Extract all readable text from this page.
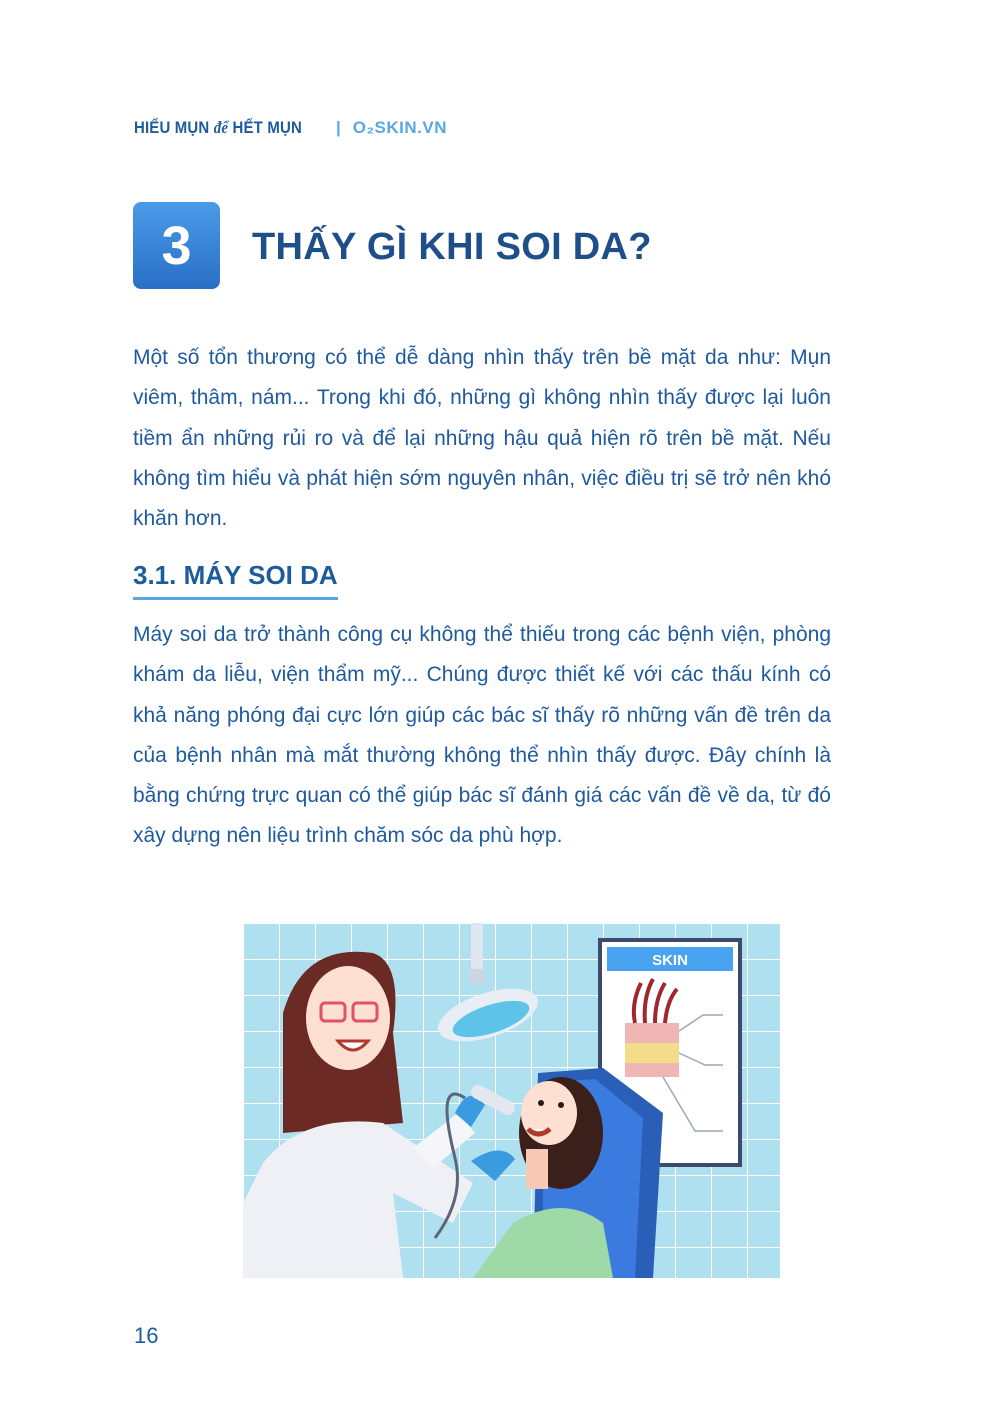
HIỂU MỤN để HẾT MỤN | O₂SKIN.VN
3	THẤY GÌ KHI SOI DA?

Một số tổn thương có thể dễ dàng nhìn thấy trên bề mặt da như: Mụn viêm, thâm, nám... Trong khi đó, những gì không nhìn thấy được lại luôn tiềm ẩn những rủi ro và để lại những hậu quả hiện rõ trên bề mặt. Nếu không tìm hiểu và phát hiện sớm nguyên nhân, việc điều trị sẽ trở nên khó khăn hơn.

3.1. MÁY SOI DA

Máy soi da trở thành công cụ không thể thiếu trong các bệnh viện, phòng khám da liễu, viện thẩm mỹ... Chúng được thiết kế với các thấu kính có khả năng phóng đại cực lớn giúp các bác sĩ thấy rõ những vấn đề trên da của bệnh nhân mà mắt thường không thể nhìn thấy được. Đây chính là bằng chứng trực quan có thể giúp bác sĩ đánh giá các vấn đề về da, từ đó xây dựng nên liệu trình chăm sóc da phù hợp.

SKIN
16
